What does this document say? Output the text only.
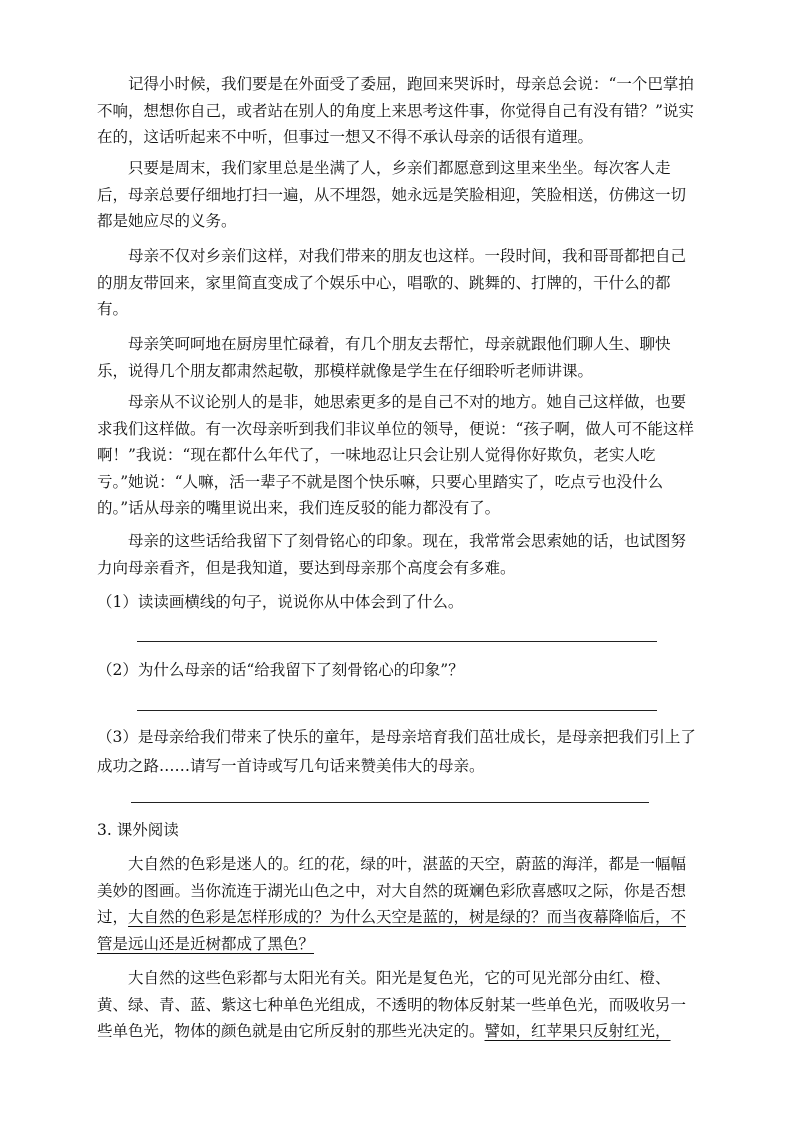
记得小时候，我们要是在外面受了委屈，跑回来哭诉时，母亲总会说：“一个巴掌拍不响，想想你自己，或者站在别人的角度上来思考这件事，你觉得自己有没有错？”说实在的，这话听起来不中听，但事过一想又不得不承认母亲的话很有道理。

只要是周末，我们家里总是坐满了人，乡亲们都愿意到这里来坐坐。每次客人走后，母亲总要仔细地打扫一遍，从不埋怨，她永远是笑脸相迎，笑脸相送，仿佛这一切都是她应尽的义务。

母亲不仅对乡亲们这样，对我们带来的朋友也这样。一段时间，我和哥哥都把自己的朋友带回来，家里简直变成了个娱乐中心，唱歌的、跳舞的、打牌的，干什么的都有。

母亲笑呵呵地在厨房里忙碌着，有几个朋友去帮忙，母亲就跟他们聊人生、聊快乐，说得几个朋友都肃然起敬，那模样就像是学生在仔细聆听老师讲课。

母亲从不议论别人的是非，她思索更多的是自己不对的地方。她自己这样做，也要求我们这样做。有一次母亲听到我们非议单位的领导，便说：“孩子啊，做人可不能这样啊！”我说：“现在都什么年代了，一味地忍让只会让别人觉得你好欺负，老实人吃亏。”她说：“人嘛，活一辈子不就是图个快乐嘛，只要心里踏实了，吃点亏也没什么的。”话从母亲的嘴里说出来，我们连反驳的能力都没有了。

母亲的这些话给我留下了刻骨铭心的印象。现在，我常常会思索她的话，也试图努力向母亲看齐，但是我知道，要达到母亲那个高度会有多难。

（1）读读画横线的句子，说说你从中体会到了什么。

（2）为什么母亲的话“给我留下了刻骨铭心的印象”？

（3）是母亲给我们带来了快乐的童年，是母亲培育我们茁壮成长，是母亲把我们引上了成功之路……请写一首诗或写几句话来赞美伟大的母亲。

3. 课外阅读

大自然的色彩是迷人的。红的花，绿的叶，湛蓝的天空，蔚蓝的海洋，都是一幅幅美妙的图画。当你流连于湖光山色之中，对大自然的斑斓色彩欣喜感叹之际，你是否想过，大自然的色彩是怎样形成的？为什么天空是蓝的，树是绿的？而当夜幕降临后，不管是远山还是近树都成了黑色？

大自然的这些色彩都与太阳光有关。阳光是复色光，它的可见光部分由红、橙、黄、绿、青、蓝、紫这七种单色光组成，不透明的物体反射某一些单色光，而吸收另一些单色光，物体的颜色就是由它所反射的那些光决定的。譬如，红苹果只反射红光，
